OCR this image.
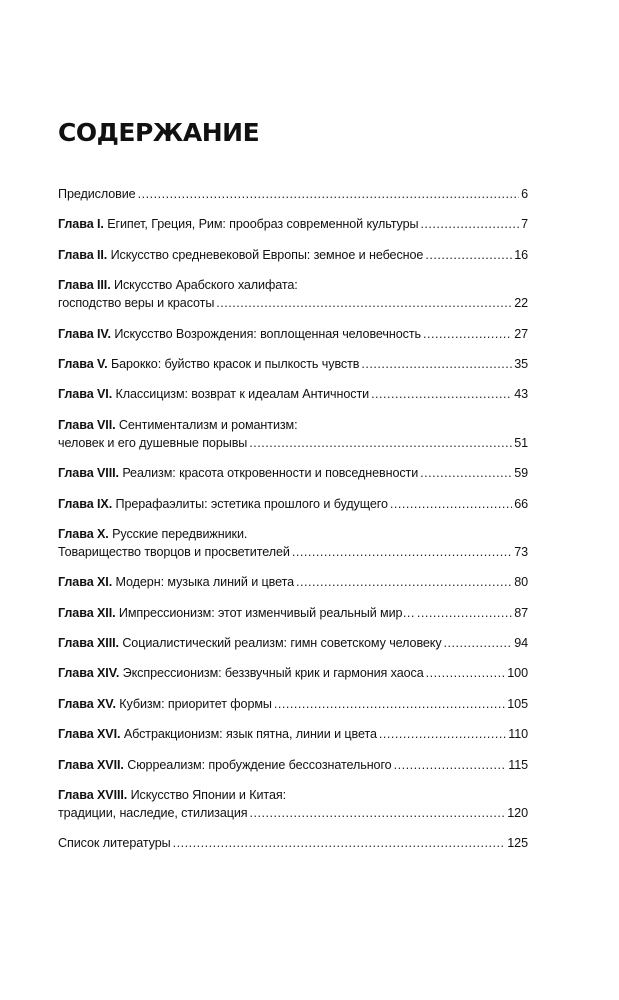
СОДЕРЖАНИЕ
Предисловие .....	6
Глава I. Египет, Греция, Рим: прообраз современной культуры .....	7
Глава II. Искусство средневековой Европы: земное и небесное .....	16
Глава III. Искусство Арабского халифата:
господство веры и красоты .....	22
Глава IV. Искусство Возрождения: воплощенная человечность .....	27
Глава V. Барокко: буйство красок и пылкость чувств .....	35
Глава VI. Классицизм: возврат к идеалам Античности .....	43
Глава VII. Сентиментализм и романтизм:
человек и его душевные порывы .....	51
Глава VIII. Реализм: красота откровенности и повседневности .....	59
Глава IX. Прерафаэлиты: эстетика прошлого и будущего .....	66
Глава X. Русские передвижники.
Товарищество творцов и просветителей .....	73
Глава XI. Модерн: музыка линий и цвета .....	80
Глава XII. Импрессионизм: этот изменчивый реальный мир… .....	87
Глава XIII. Социалистический реализм: гимн советскому человеку .....	94
Глава XIV. Экспрессионизм: беззвучный крик и гармония хаоса .....	100
Глава XV. Кубизм: приоритет формы .....	105
Глава XVI. Абстракционизм: язык пятна, линии и цвета .....	110
Глава XVII. Сюрреализм: пробуждение бессознательного .....	115
Глава XVIII. Искусство Японии и Китая:
традиции, наследие, стилизация .....	120
Список литературы .....	125
